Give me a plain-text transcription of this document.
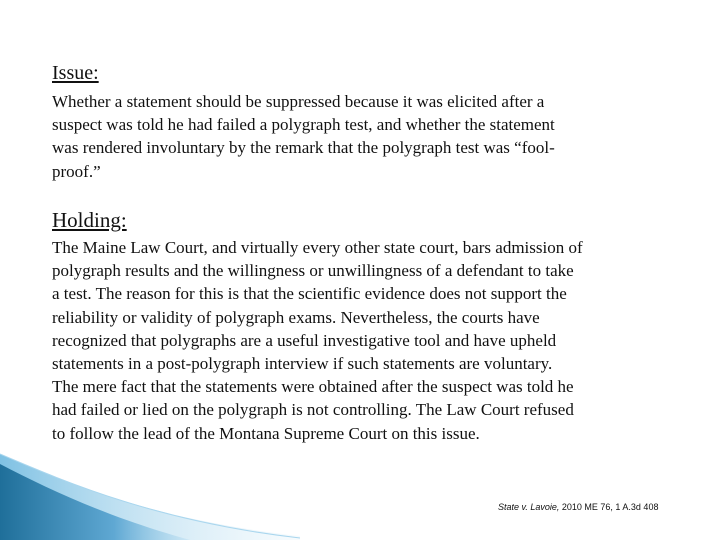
Issue:

Whether a statement should be suppressed because it was elicited after a
suspect was told he had failed a polygraph test, and whether the statement
was rendered involuntary by the remark that the polygraph test was “fool-
proof.”

Holding:

The Maine Law Court, and virtually every other state court, bars admission of
polygraph results and the willingness or unwillingness of a defendant to take
a test. The reason for this is that the scientific evidence does not support the
reliability or validity of polygraph exams. Nevertheless, the courts have
recognized that polygraphs are a useful investigative tool and have upheld
statements in a post-polygraph interview if such statements are voluntary.
The mere fact that the statements were obtained after the suspect was told he
had failed or lied on the polygraph is not controlling. The Law Court refused
to follow the lead of the Montana Supreme Court on this issue.

State v. Lavoie, 2010 ME 76, 1 A.3d 408
